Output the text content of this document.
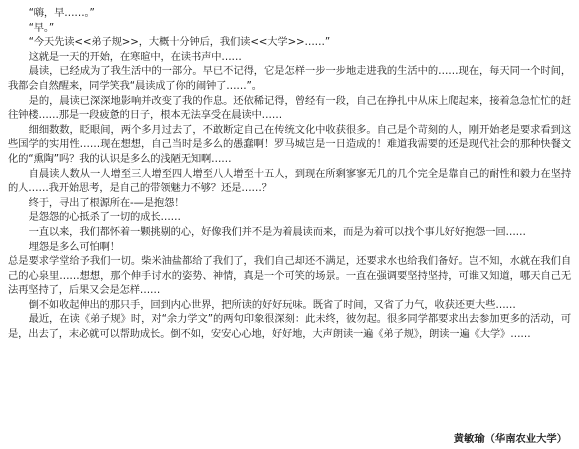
“嗨，早……。”

“早。”

“今天先读<<弟子规>>，大概十分钟后，我们读<<大学>>……”

这就是一天的开始，在寒暄中，在读书声中……

晨读，已经成为了我生活中的一部分。早已不记得，它是怎样一步一步地走进我的生活中的……现在，每天同一个时间，我都会自然醒来，同学笑我“晨读成了你的闹钟了……”。

是的，晨读已深深地影响并改变了我的作息。还依稀记得，曾经有一段，自己在挣扎中从床上爬起来，接着急急忙忙的赶往钟楼……那是一段疲惫的日子，根本无法享受在晨读中……

细细数数，眨眼间，两个多月过去了，不敢断定自己在传统文化中收获很多。自己是个苛刻的人，刚开始老是要求看到这些国学的实用性……现在想想，自己当时是多么的愚蠢啊！罗马城岂是一日造成的！难道我需要的还是现代社会的那种快餐文化的“熏陶”吗？我的认识是多么的浅陋无知啊……

自晨读人数从一人增至三人增至四人增至八人增至十五人，到现在所剩寥寥无几的几个完全是靠自己的耐性和毅力在坚持的人……我开始思考，是自己的带领魅力不够？还是……？

终于，寻出了根源所在-—是抱怨！

是怨怨的心抵杀了一切的成长……

一直以来，我们都怀着一颗挑剔的心，好像我们并不是为着晨读而来，而是为着可以找个事儿好好抱怨一回……

埋怨是多么可怕啊！

总是要求学堂给予我们一切。柴米油盐都给了我们了，我们自己却还不满足，还要求水也给我们备好。岂不知，水就在我们自己的心泉里……想想，那个伸手讨水的姿势、神情，真是一个可笑的场景。一直在强调要坚持坚持，可谁又知道，哪天自己无法再坚持了，后果又会是怎样……

倒不如收起伸出的那只手，回到内心世界，把所读的好好玩味。既省了时间，又省了力气，收获还更大些……

最近，在读《弟子规》时，对“余力学文”的两句印象很深刻：此未终，彼勿起。很多同学都要求出去参加更多的活动，可是，出去了，末必就可以帮助成长。倒不如，安安心心地，好好地，大声朗读一遍《弟子规》，朗读一遍《大学》……

黄敏瑜（华南农业大学）
